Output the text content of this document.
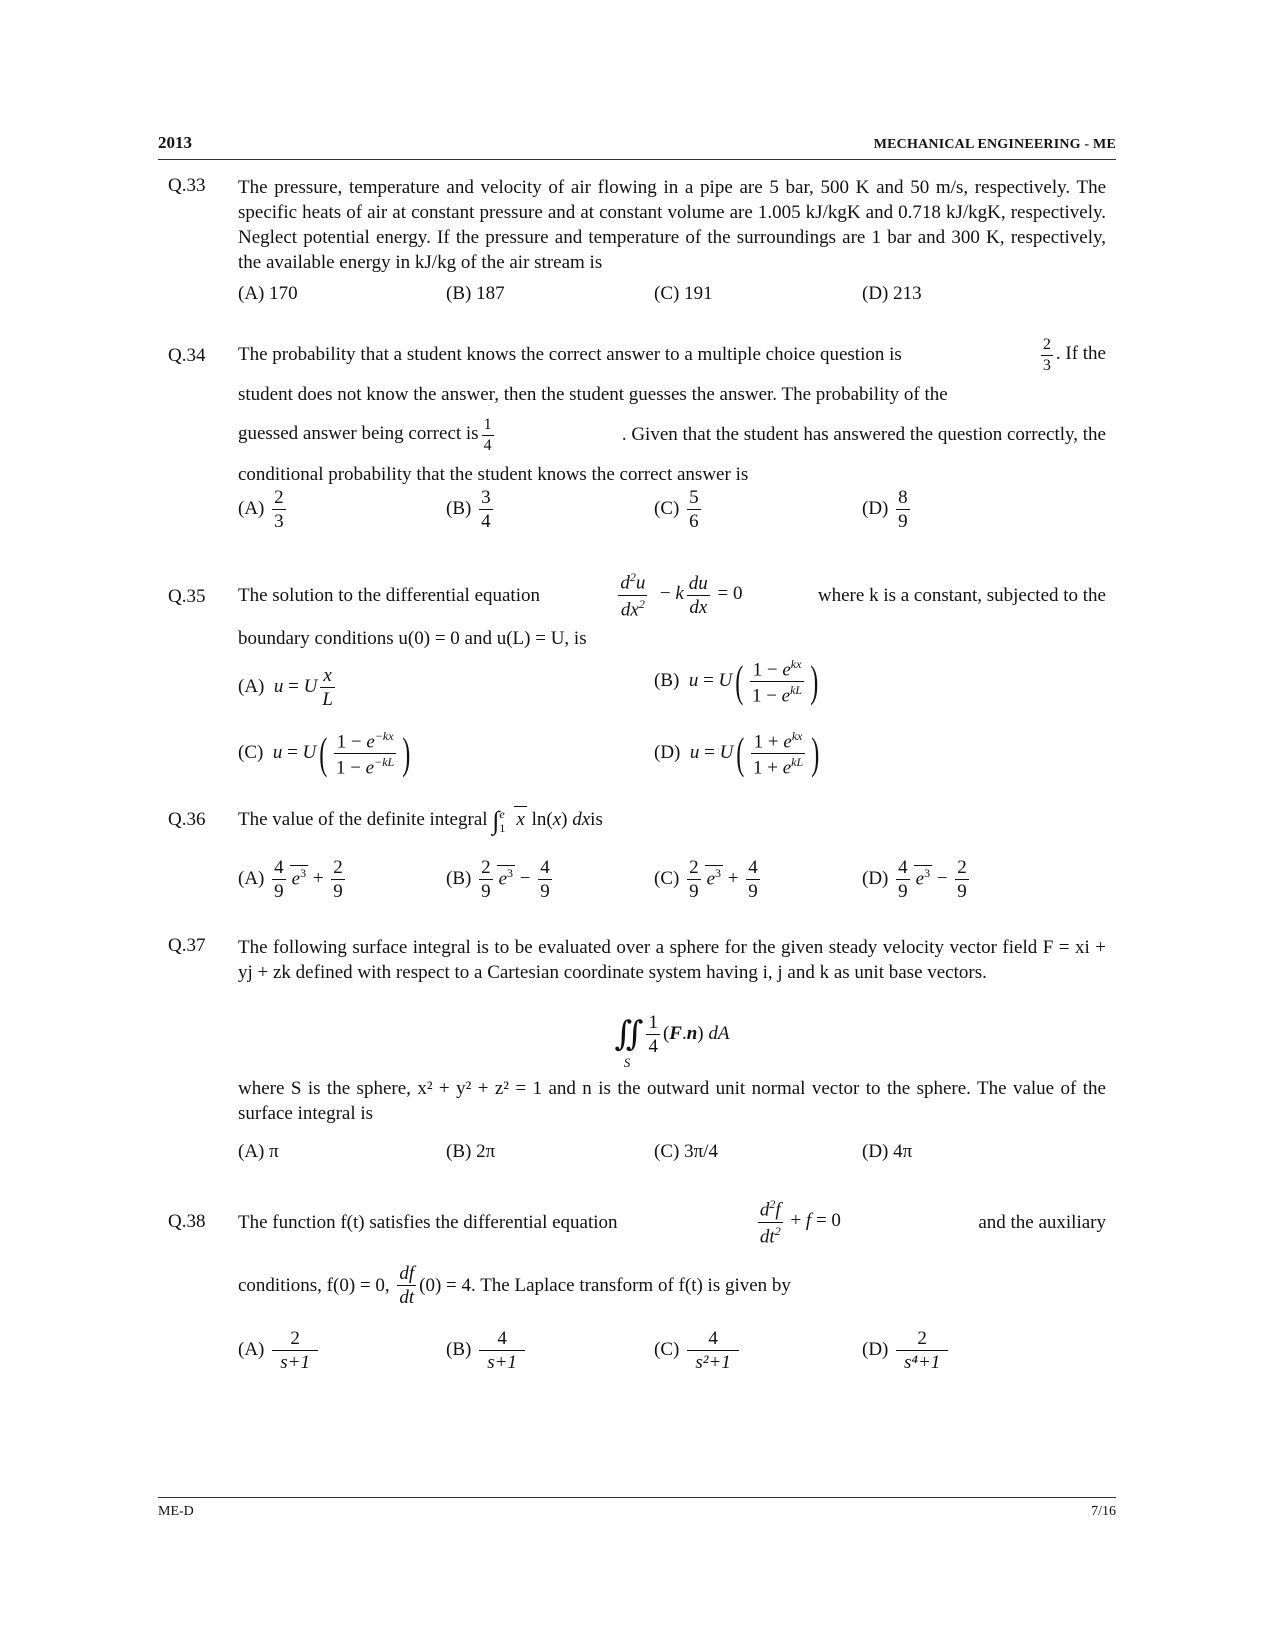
2013	MECHANICAL ENGINEERING - ME
Q.33	The pressure, temperature and velocity of air flowing in a pipe are 5 bar, 500 K and 50 m/s, respectively. The specific heats of air at constant pressure and at constant volume are 1.005 kJ/kgK and 0.718 kJ/kgK, respectively. Neglect potential energy. If the pressure and temperature of the surroundings are 1 bar and 300 K, respectively, the available energy in kJ/kg of the air stream is
(A) 170	(B) 187	(C) 191	(D) 213
Q.34	The probability that a student knows the correct answer to a multiple choice question is	$\frac{2}{3}$ . If the
student does not know the answer, then the student guesses the answer. The probability of the
guessed answer being correct is $\frac{1}{4}$	. Given that the student has answered the question correctly, the
conditional probability that the student knows the correct answer is
$(A) \frac{2}{3}$	$(B) \frac{3}{4}$	$(C) \frac{5}{6}$	$(D) \frac{8}{9}$
Q.35	The solution to the differential equation	$\frac{d^2u}{dx^2} - k \frac{du}{dx} = 0$	where k is a constant, subjected to the
boundary conditions u(0) = 0 and u(L) = U, is
(A) u = U $\frac{x}{L}$	(B) $u = U( \frac{1 - e^{kx}}{1 - e^{kL}}$ )
(C) $u = U( \frac{1 - e^{-kx}}{1 - e^{-kL}}$ )	(D) $u = U( \frac{1 + e^{kx}}{1 + e^{kL}}$ )
Q.36	The value of the definite integral ∫ e
1 x ln(x) dxis
$(A) \frac{4}{9} e^3 + \frac{2}{9}$	$(B) \frac{2}{9} e^3 - \frac{4}{9}$	$(C) \frac{2}{9} e^3 + \frac{4}{9}$	$(D) \frac{4}{9} e^3 - \frac{2}{9}$
Q.37	The following surface integral is to be evaluated over a sphere for the given steady velocity vector field F = xi + yj + zk defined with respect to a Cartesian coordinate system having i, j and k as unit base vectors.
∬ $\frac{1}{4} (F.n)$ dA
S
where S is the sphere, x² + y² + z² = 1 and n is the outward unit normal vector to the sphere. The value of the surface integral is
(A) π	(B) 2π	(C) 3π/4	(D) 4π
Q.38	The function f(t) satisfies the differential equation	$\frac{d^2f}{dt^2} + f = 0$	and the auxiliary
conditions, f(0) = 0,
$\frac{df}{dt} (0) = 4$ . The Laplace transform of f(t) is given by
$(A) \frac{2}{s+1}$	$(B) \frac{4}{s+1}$	$(C) \frac{4}{\text{s²+1}}$	$(D) \frac{2}{\text{s⁴+1}}$
ME-D	7/16
